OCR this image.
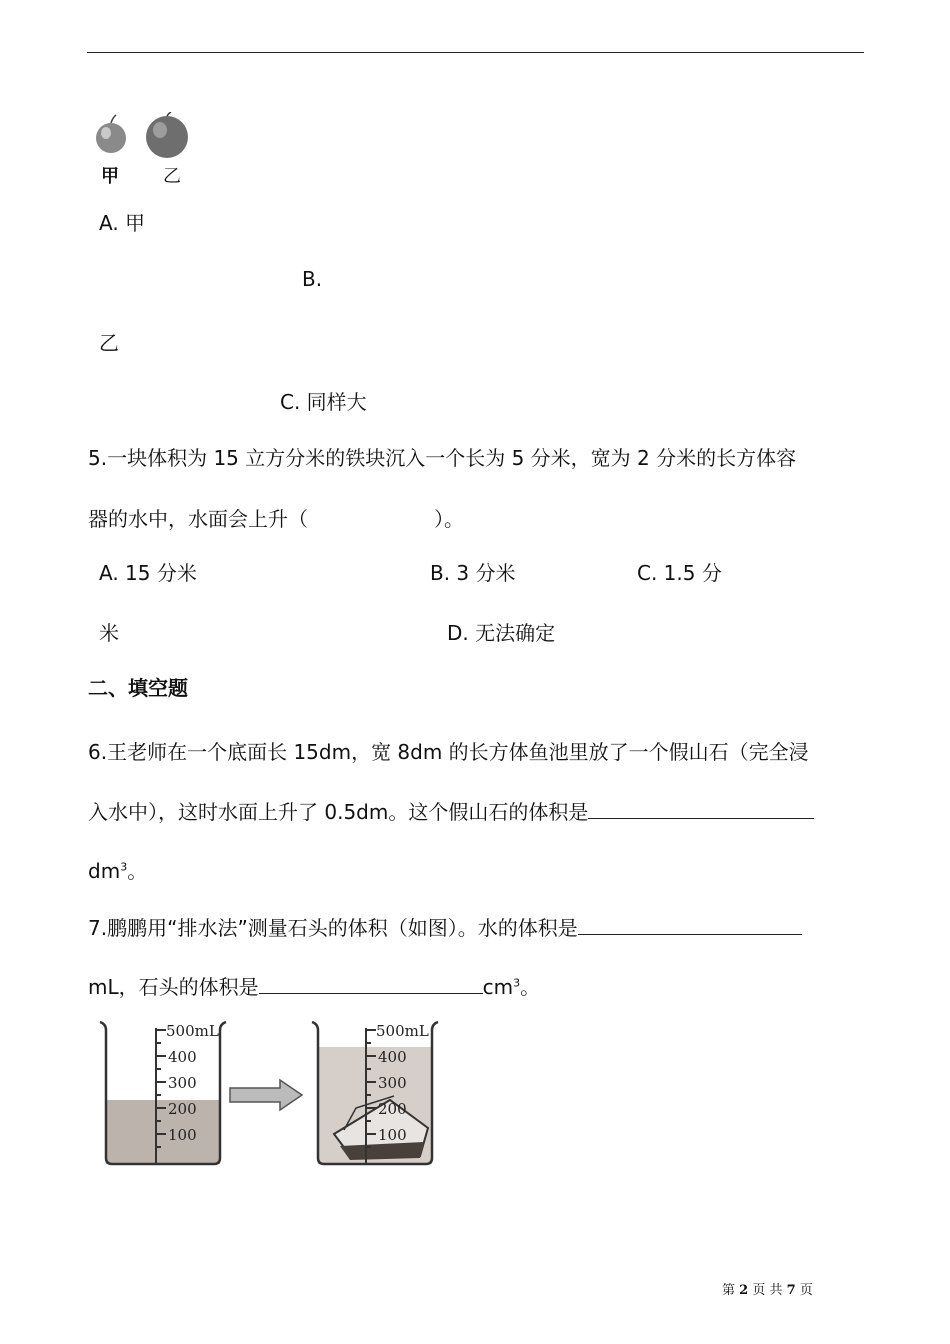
甲 乙
A. 甲
B.
乙
C. 同样大
5.一块体积为 15 立方分米的铁块沉入一个长为 5 分米，宽为 2 分米的长方体容
器的水中，水面会上升（	）。
A. 15 分米	B. 3 分米	C. 1.5 分
米	D. 无法确定
二、填空题
6.王老师在一个底面长 15dm，宽 8dm 的长方体鱼池里放了一个假山石（完全浸
入水中），这时水面上升了 0.5dm。这个假山石的体积是
$dm^3$。
7.鹏鹏用“排水法”测量石头的体积（如图）。水的体积是
mL，石头的体积是	$cm^3$。
500mL
400
300
200
100
500mL
400
300
200
100
第 2 页 共 7 页
